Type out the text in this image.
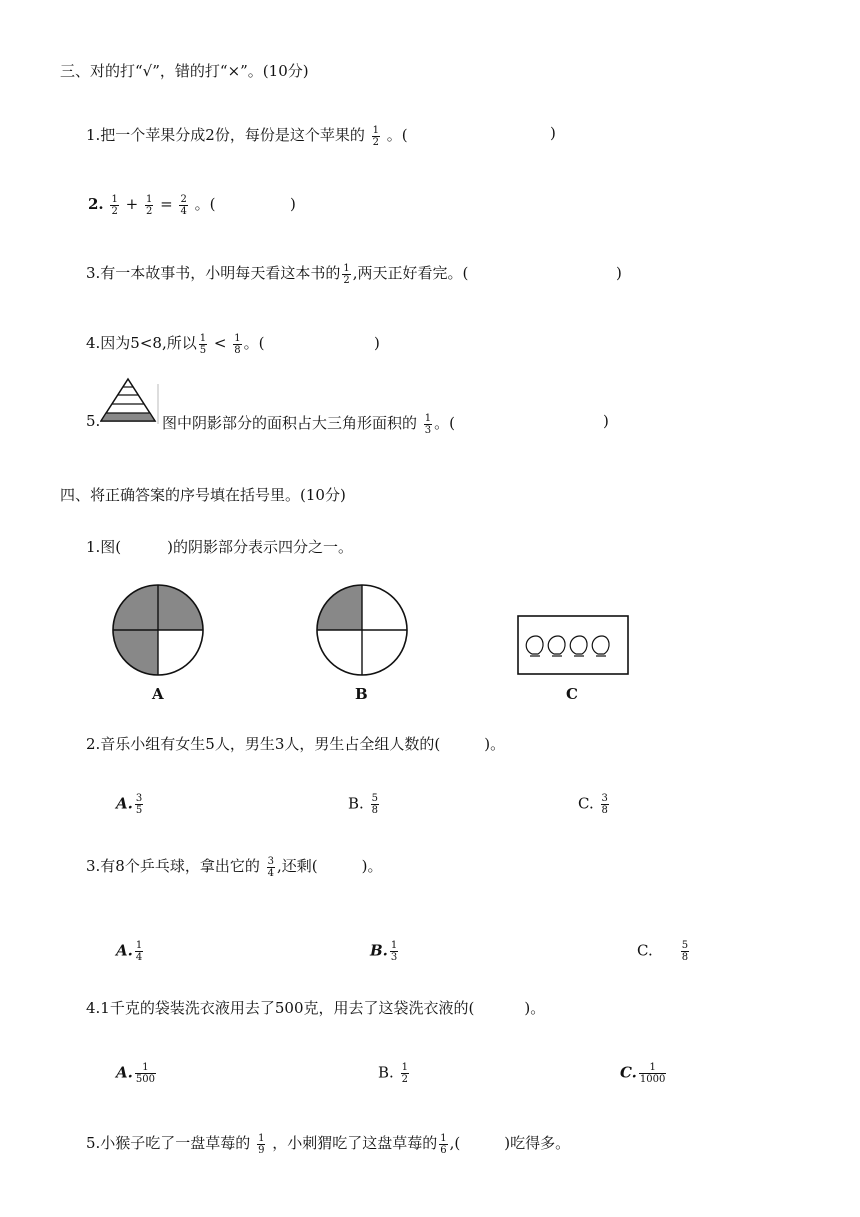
三、对的打“√”，错的打“×”。(10分)
1.把一个苹果分成2份，每份是这个苹果的 $\frac{1}{2}$ 。(	)
2. $\frac{1}{2} + \frac{1}{2} = \frac{2}{4}$ 。(	)
3.有一本故事书，小明每天看这本书的 $\frac{1}{2}$ ,两天正好看完。(	)
4.因为5<8,所以 $\frac{1}{5} < \frac{1}{8}$ 。(	)
5.	图中阴影部分的面积占大三角形面积的 $\frac{1}{3}$ 。(	)
四、将正确答案的序号填在括号里。(10分)
1.图(	)的阴影部分表示四分之一。
A	B	C
2.音乐小组有女生5人，男生3人，男生占全组人数的(	)。
A. $\frac{3}{5}$	B. $\frac{5}{8}$	C. $\frac{3}{8}$
3.有8个乒乓球，拿出它的 $\frac{3}{4}$ ,还剩(	)。
A. $\frac{1}{4}$	B. $\frac{1}{3}$	C.	$\frac{5}{8}$
4.1千克的袋装洗衣液用去了500克，用去了这袋洗衣液的(	)。
A. $\frac{1}{500}$	B. $\frac{1}{2}$	C. $\frac{1}{1000}$
5.小猴子吃了一盘草莓的 $\frac{1}{9}$ ，小刺猬吃了这盘草莓的 $\frac{1}{6}$ ,(	)吃得多。
